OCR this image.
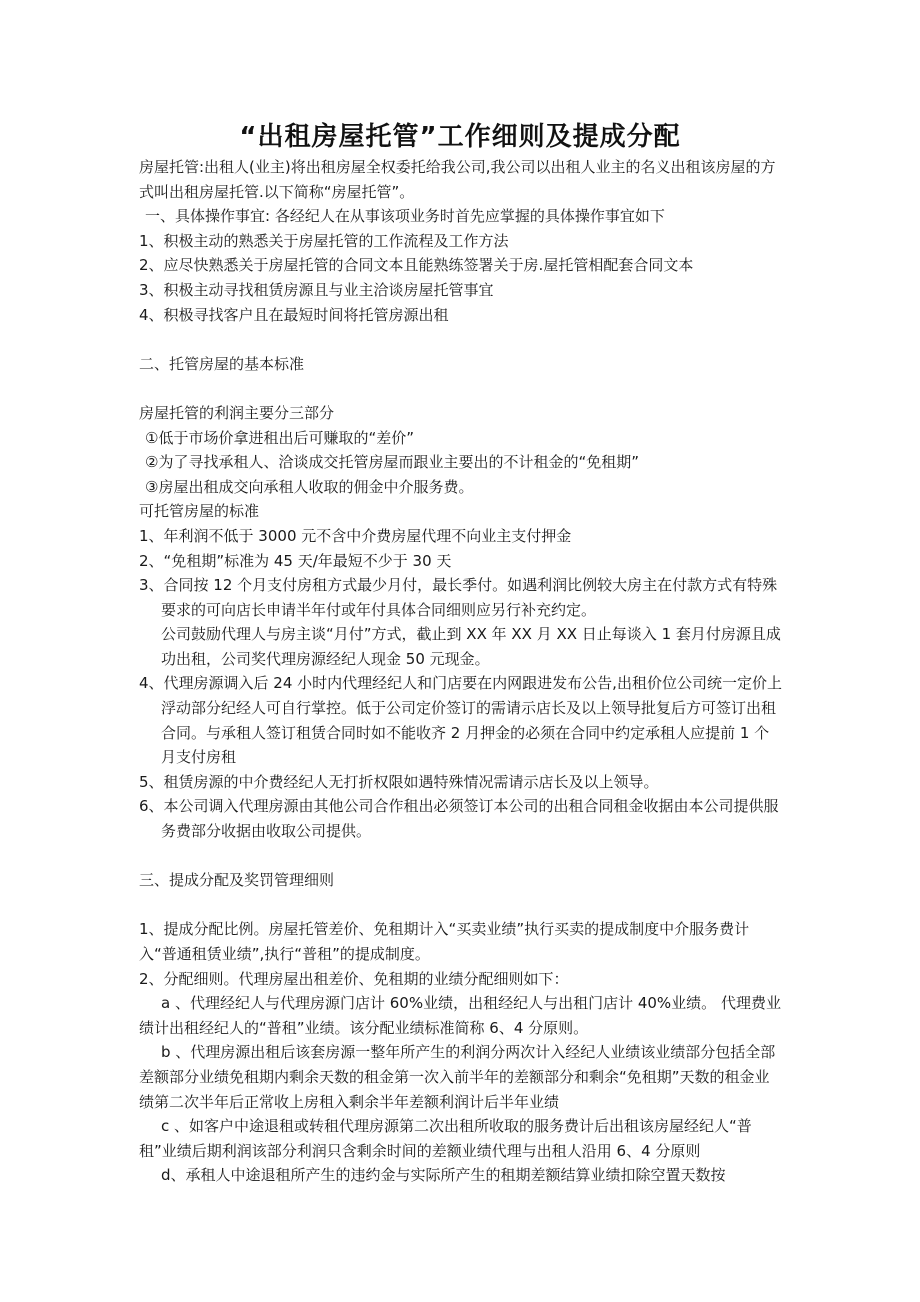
“出租房屋托管”工作细则及提成分配

房屋托管:出租人(业主)将出租房屋全权委托给我公司,我公司以出租人业主的名义出租该房屋的方式叫出租房屋托管.以下简称“房屋托管”。

一、具体操作事宜: 各经纪人在从事该项业务时首先应掌握的具体操作事宜如下

1、积极主动的熟悉关于房屋托管的工作流程及工作方法

2、应尽快熟悉关于房屋托管的合同文本且能熟练签署关于房.屋托管相配套合同文本

3、积极主动寻找租赁房源且与业主洽谈房屋托管事宜

4、积极寻找客户且在最短时间将托管房源出租

二、托管房屋的基本标准

房屋托管的利润主要分三部分

①低于市场价拿进租出后可赚取的“差价”

②为了寻找承租人、洽谈成交托管房屋而跟业主要出的不计租金的“免租期”

③房屋出租成交向承租人收取的佣金中介服务费。

可托管房屋的标准

1、年利润不低于 3000 元不含中介费房屋代理不向业主支付押金

2、“免租期”标准为 45 天/年最短不少于 30 天

3、合同按 12 个月支付房租方式最少月付，最长季付。如遇利润比例较大房主在付款方式有特殊要求的可向店长申请半年付或年付具体合同细则应另行补充约定。

公司鼓励代理人与房主谈“月付”方式，截止到 XX 年 XX 月 XX 日止每谈入 1 套月付房源且成功出租，公司奖代理房源经纪人现金 50 元现金。

4、代理房源调入后 24 小时内代理经纪人和门店要在内网跟进发布公告,出租价位公司统一定价上浮动部分纪经人可自行掌控。低于公司定价签订的需请示店长及以上领导批复后方可签订出租合同。与承租人签订租赁合同时如不能收齐 2 月押金的必须在合同中约定承租人应提前 1 个月支付房租

5、租赁房源的中介费经纪人无打折权限如遇特殊情况需请示店长及以上领导。

6、本公司调入代理房源由其他公司合作租出必须签订本公司的出租合同租金收据由本公司提供服务费部分收据由收取公司提供。

三、提成分配及奖罚管理细则

1、提成分配比例。房屋托管差价、免租期计入“买卖业绩”执行买卖的提成制度中介服务费计入“普通租赁业绩”,执行“普租”的提成制度。

2、分配细则。代理房屋出租差价、免租期的业绩分配细则如下：

a 、代理经纪人与代理房源门店计 60%业绩，出租经纪人与出租门店计 40%业绩。 代理费业绩计出租经纪人的“普租”业绩。该分配业绩标准简称 6、4 分原则。

b 、代理房源出租后该套房源一整年所产生的利润分两次计入经纪人业绩该业绩部分包括全部差额部分业绩免租期内剩余天数的租金第一次入前半年的差额部分和剩余“免租期”天数的租金业绩第二次半年后正常收上房租入剩余半年差额利润计后半年业绩

c 、如客户中途退租或转租代理房源第二次出租所收取的服务费计后出租该房屋经纪人“普租”业绩后期利润该部分利润只含剩余时间的差额业绩代理与出租人沿用 6、4 分原则

d、承租人中途退租所产生的违约金与实际所产生的租期差额结算业绩扣除空置天数按
